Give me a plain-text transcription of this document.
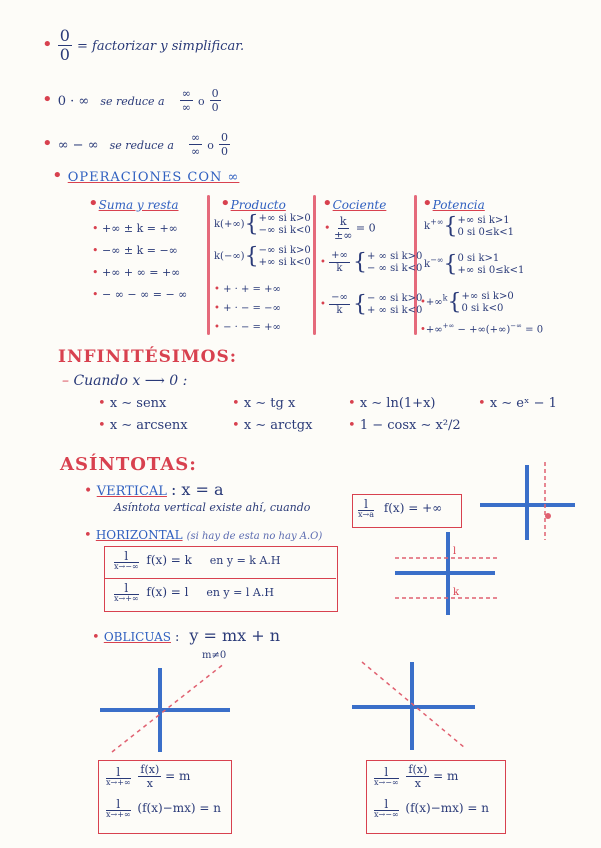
• $\frac{0}{0}$ = factorizar y simplificar.
• 0 · ∞ se reduce a $\frac{\infty}{\infty}$ o $\frac{0}{0}$
• ∞ − ∞ se reduce a $\frac{\infty}{\infty}$ o $\frac{0}{0}$
• OPERACIONES CON ∞
•Suma y resta
• +∞ ± k = +∞
• −∞ ± k = −∞
• +∞ + ∞ = +∞
• − ∞ − ∞ = − ∞
•Producto
k(+∞){+∞ si k>0
−∞ si k<0
k(−∞){−∞ si k>0
+∞ si k<0
• + · + = +∞
• + · − = −∞
• − · − = +∞
•Cociente
• $\frac{k}{\pm\infty} = 0$
• $\frac{+\infty}{k}$ {+ ∞ si k>0
− ∞ si k<0
• $\frac{-\infty}{k}$ {− ∞ si k>0
+ ∞ si k<0
•Potencia
k+∞{+∞ si k>1
0 si 0≤k<1
k−∞{0 si k>1
+∞ si 0≤k<1
•+∞$^k${+∞ si k>0
0 si k<0
•+∞+∞ − +∞(+∞)−∞ = 0
INFINITÉSIMOS:
– Cuando x ⟶ 0 :
• x ∼ senx	• x ∼ tg x	• x ∼ ln(1+x)	• x ∼ eˣ − 1
• x ∼ arcsenx	• x ∼ arctgx	• 1 − cosx ∼ x²/2
ASÍNTOTAS:
• VERTICAL : x = a
Asíntota vertical existe ahí, cuando	l
x→a f(x) = +∞
• HORIZONTAL (si hay de esta no hay A.O)
l
x→−∞ f(x) = k en y = k A.H
l
x→+∞ f(x) = l en y = l A.H
l
k
• OBLICUAS : y = mx + n
m≠0
l
x→+∞
$\frac{f(x)}{x} = m$
l
x→+∞ (f(x)−mx) = n
l
x→−∞
$\frac{f(x)}{x} = m$
l
x→−∞ (f(x)−mx) = n
